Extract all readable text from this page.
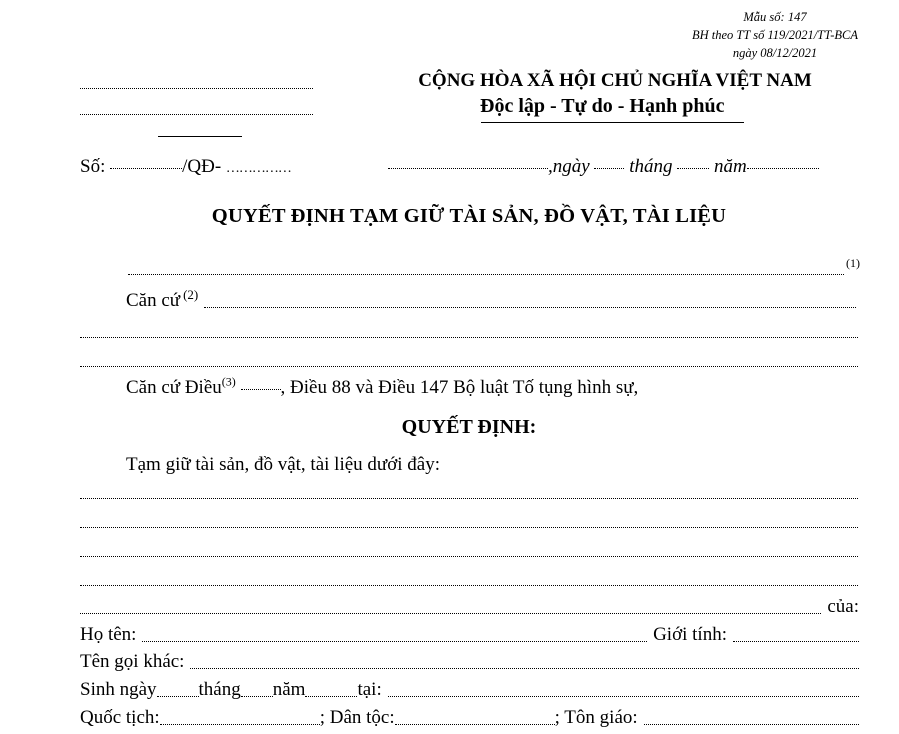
Mẫu số: 147
BH theo TT số 119/2021/TT-BCA
ngày 08/12/2021
CỘNG HÒA XÃ HỘI CHỦ NGHĨA VIỆT NAM
Độc lập - Tự do - Hạnh phúc
Số:	/QĐ- ……………	,ngày tháng năm
QUYẾT ĐỊNH TẠM GIỮ TÀI SẢN, ĐỒ VẬT, TÀI LIỆU
(1)
Căn cứ (2)
Căn cứ Điều$^{(3)}$ , Điều 88 và Điều 147 Bộ luật Tố tụng hình sự,
QUYẾT ĐỊNH:
Tạm giữ tài sản, đồ vật, tài liệu dưới đây:
của:
Họ tên:	Giới tính:
Tên gọi khác:
Sinh ngày tháng năm	tại:
Quốc tịch:	; Dân tộc:	; Tôn giáo:
